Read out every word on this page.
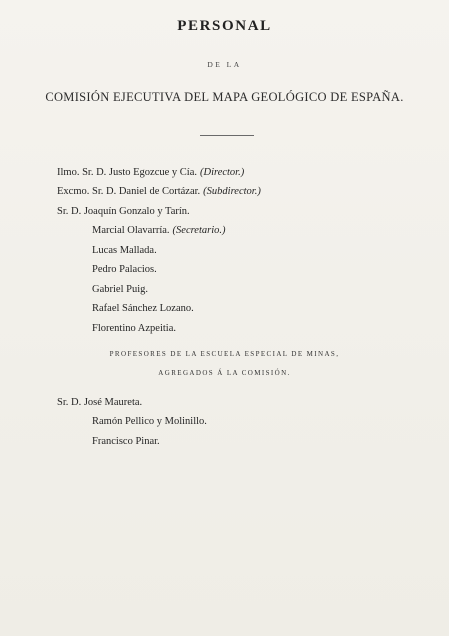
PERSONAL
DE LA
COMISIÓN EJECUTIVA DEL MAPA GEOLÓGICO DE ESPAÑA.
Ilmo. Sr. D. Justo Egozcue y Cía. (Director.)
Excmo. Sr. D. Daniel de Cortázar. (Subdirector.)
Sr. D. Joaquín Gonzalo y Tarín.
Marcial Olavarría. (Secretario.)
Lucas Mallada.
Pedro Palacios.
Gabriel Puig.
Rafael Sánchez Lozano.
Florentino Azpeitia.
PROFESORES DE LA ESCUELA ESPECIAL DE MINAS,
AGREGADOS Á LA COMISIÓN.
Sr. D. José Maureta.
Ramón Pellico y Molinillo.
Francisco Pinar.
